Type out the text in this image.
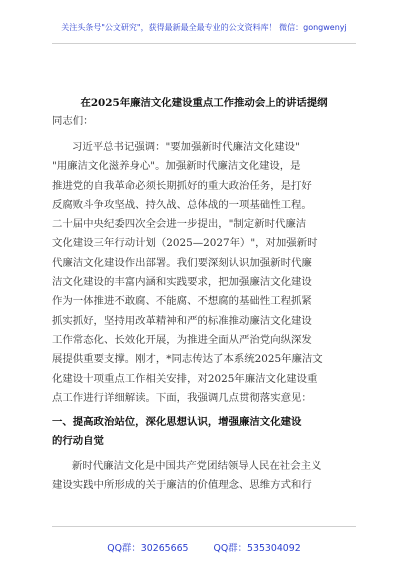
关注头条号"公文研究"，获得最新最全最专业的公文资料库！ 微信：gongwenyj
在2025年廉洁文化建设重点工作推动会上的讲话提纲
同志们：
习近平总书记强调："要加强新时代廉洁文化建设"
"用廉洁文化滋养身心"。加强新时代廉洁文化建设，是
推进党的自我革命必须长期抓好的重大政治任务，是打好
反腐败斗争攻坚战、持久战、总体战的一项基础性工程。
二十届中央纪委四次全会进一步提出，"制定新时代廉洁
文化建设三年行动计划（2025—2027年）"，对加强新时
代廉洁文化建设作出部署。我们要深刻认识加强新时代廉
洁文化建设的丰富内涵和实践要求，把加强廉洁文化建设
作为一体推进不敢腐、不能腐、不想腐的基础性工程抓紧
抓实抓好，坚持用改革精神和严的标准推动廉洁文化建设
工作常态化、长效化开展，为推进全面从严治党向纵深发
展提供重要支撑。刚才，*同志传达了本系统2025年廉洁文
化建设十项重点工作相关安排，对2025年廉洁文化建设重
点工作进行详细解读。下面，我强调几点贯彻落实意见：
一、提高政治站位，深化思想认识，增强廉洁文化建设
的行动自觉
新时代廉洁文化是中国共产党团结领导人民在社会主义
建设实践中所形成的关于廉洁的价值理念、思维方式和行
QQ群：30265665 QQ群：535304092
